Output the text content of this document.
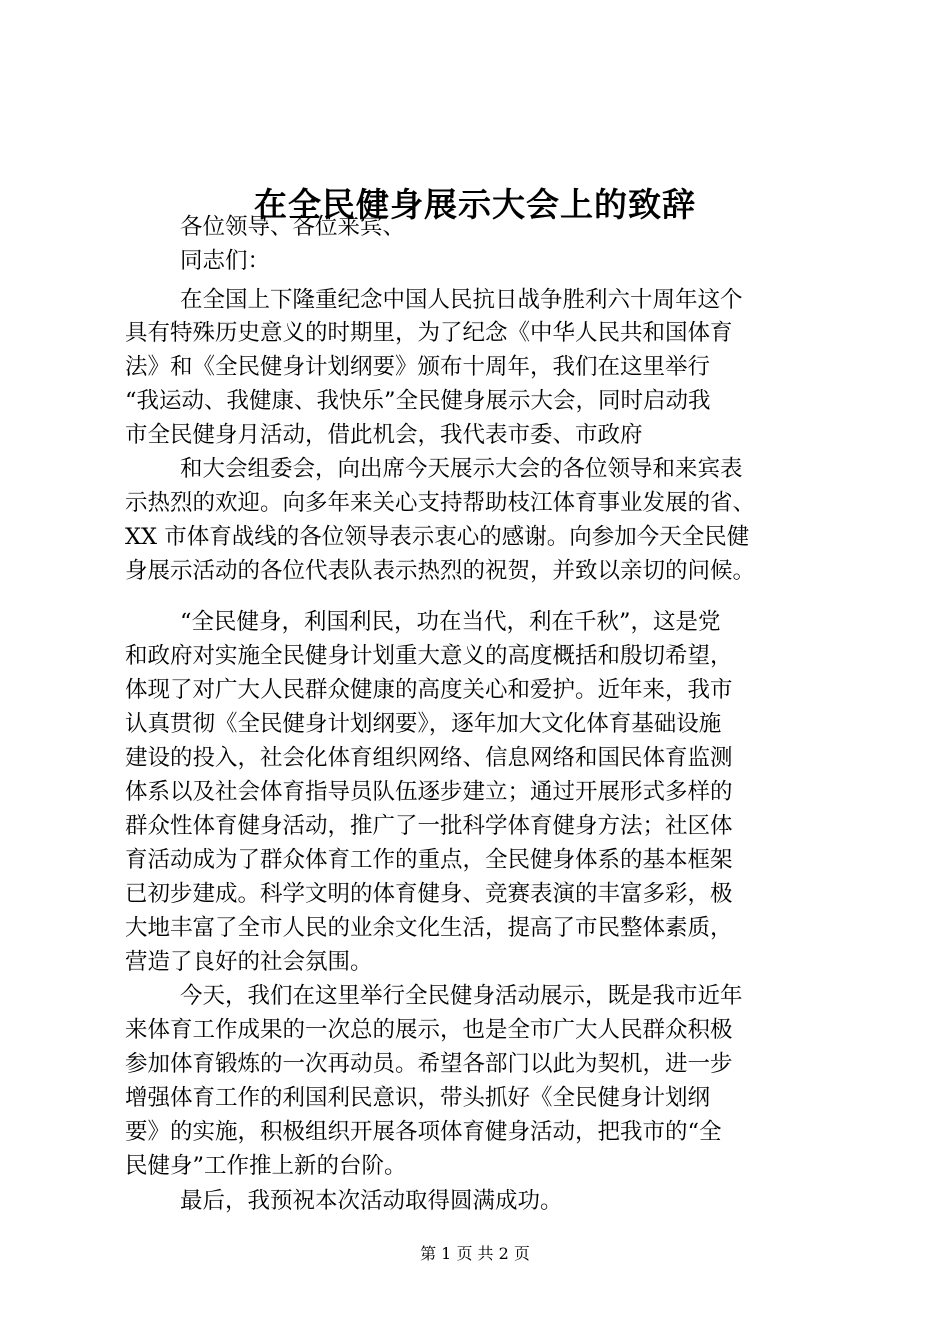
在全民健身展示大会上的致辞
各位领导、各位来宾、
同志们：
在全国上下隆重纪念中国人民抗日战争胜利六十周年这个
具有特殊历史意义的时期里，为了纪念《中华人民共和国体育
法》和《全民健身计划纲要》颁布十周年，我们在这里举行
“我运动、我健康、我快乐”全民健身展示大会，同时启动我
市全民健身月活动，借此机会，我代表市委、市政府
和大会组委会，向出席今天展示大会的各位领导和来宾表
示热烈的欢迎。向多年来关心支持帮助枝江体育事业发展的省、
XX 市体育战线的各位领导表示衷心的感谢。向参加今天全民健
身展示活动的各位代表队表示热烈的祝贺，并致以亲切的问候。
“全民健身，利国利民，功在当代，利在千秋”，这是党
和政府对实施全民健身计划重大意义的高度概括和殷切希望，
体现了对广大人民群众健康的高度关心和爱护。近年来，我市
认真贯彻《全民健身计划纲要》，逐年加大文化体育基础设施
建设的投入，社会化体育组织网络、信息网络和国民体育监测
体系以及社会体育指导员队伍逐步建立；通过开展形式多样的
群众性体育健身活动，推广了一批科学体育健身方法；社区体
育活动成为了群众体育工作的重点，全民健身体系的基本框架
已初步建成。科学文明的体育健身、竞赛表演的丰富多彩，极
大地丰富了全市人民的业余文化生活，提高了市民整体素质，
营造了良好的社会氛围。
今天，我们在这里举行全民健身活动展示，既是我市近年
来体育工作成果的一次总的展示，也是全市广大人民群众积极
参加体育锻炼的一次再动员。希望各部门以此为契机，进一步
增强体育工作的利国利民意识，带头抓好《全民健身计划纲
要》的实施，积极组织开展各项体育健身活动，把我市的“全
民健身”工作推上新的台阶。
最后，我预祝本次活动取得圆满成功。
第 1 页 共 2 页
